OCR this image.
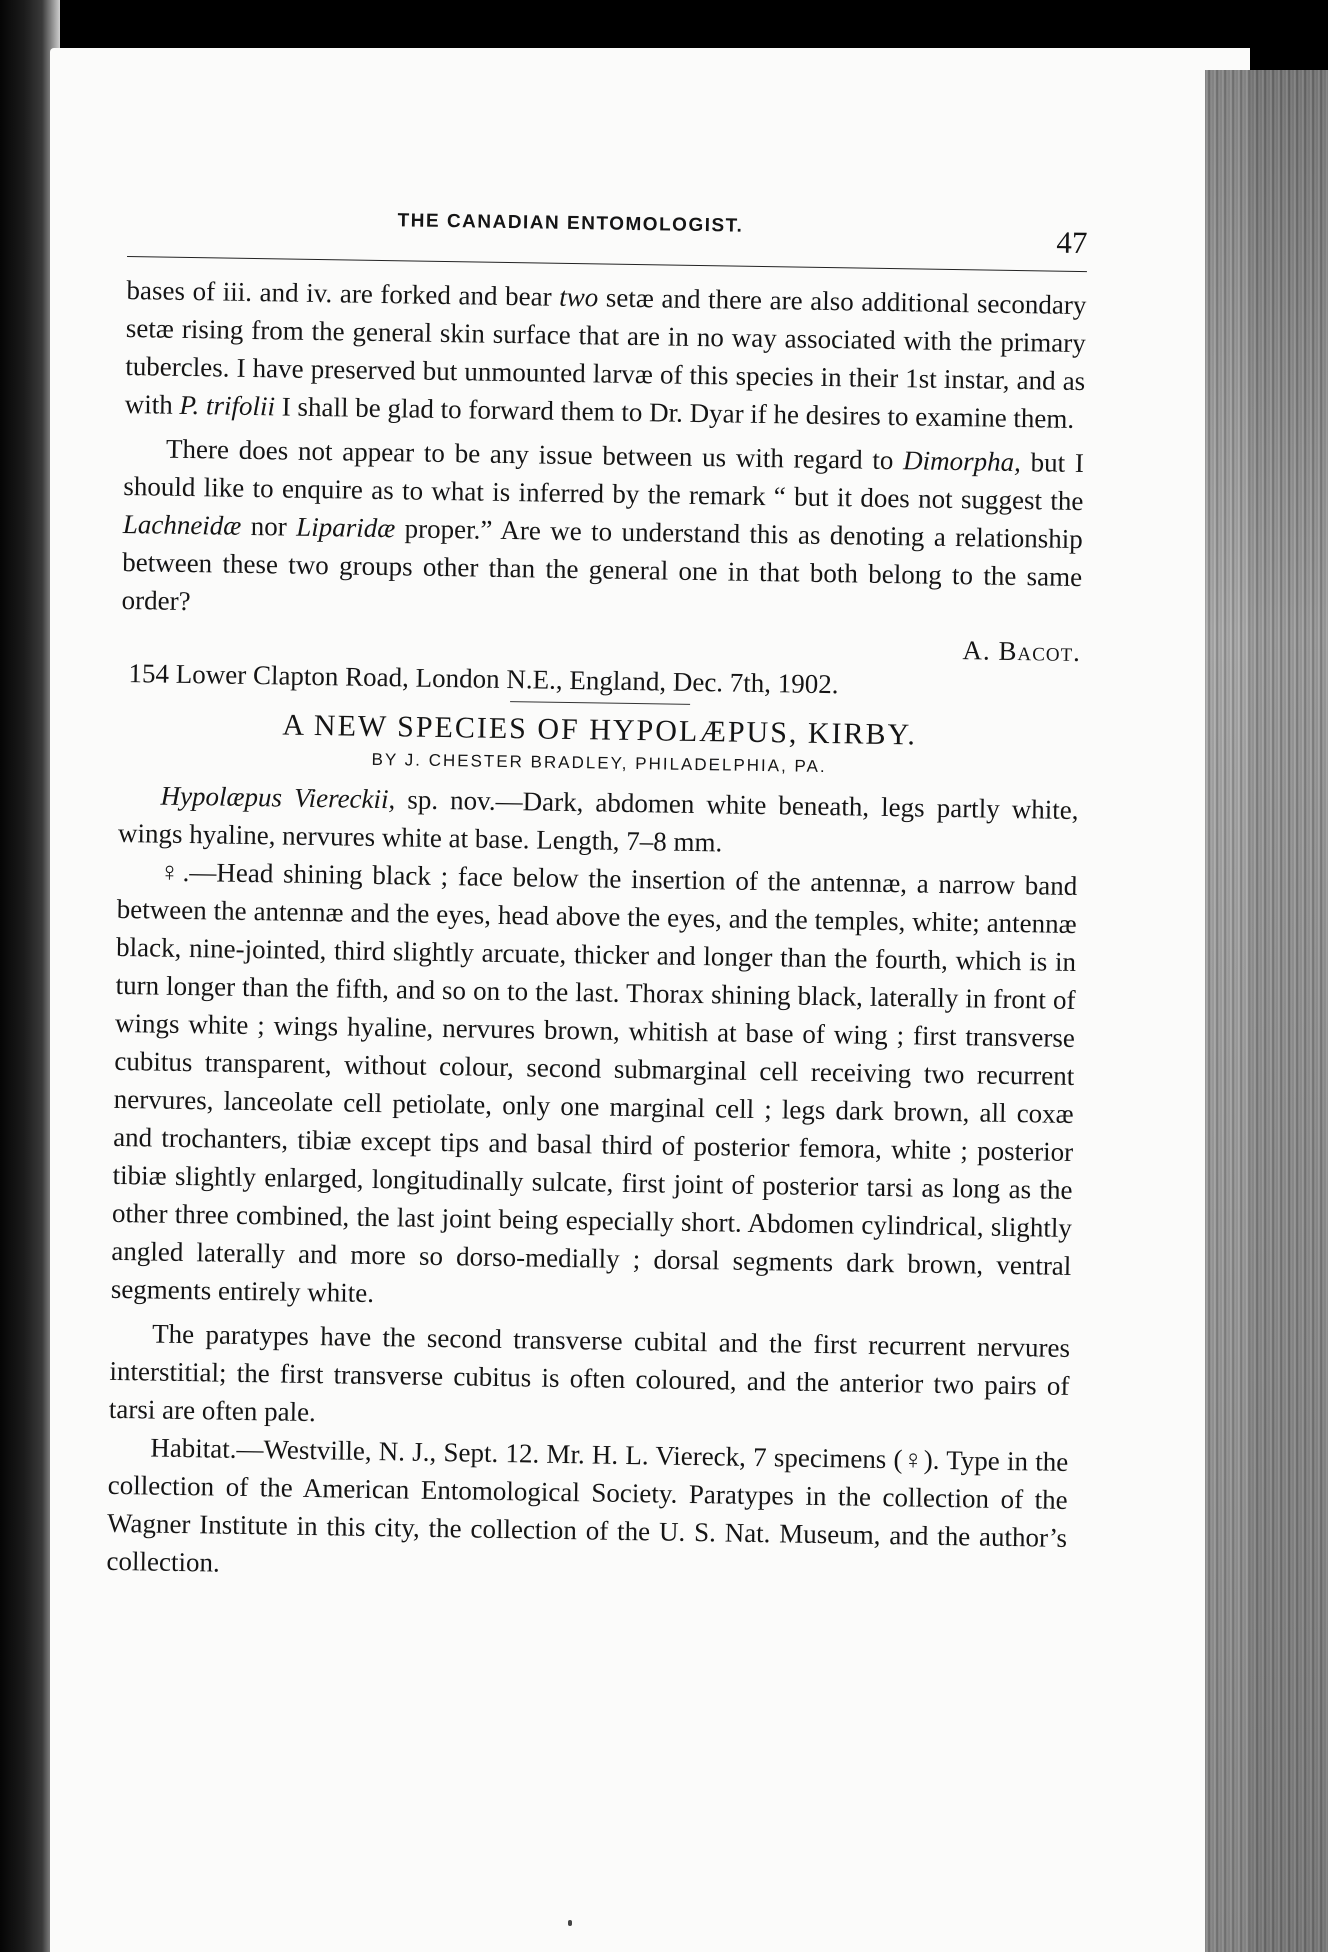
THE CANADIAN ENTOMOLOGIST.
47

bases of iii. and iv. are forked and bear two setæ and there are also additional secondary setæ rising from the general skin surface that are in no way associated with the primary tubercles. I have preserved but unmounted larvæ of this species in their 1st instar, and as with P. trifolii I shall be glad to forward them to Dr. Dyar if he desires to examine them.

There does not appear to be any issue between us with regard to Dimorpha, but I should like to enquire as to what is inferred by the remark “ but it does not suggest the Lachneidæ nor Liparidæ proper.” Are we to understand this as denoting a relationship between these two groups other than the general one in that both belong to the same order?

A. Bacot.
154 Lower Clapton Road, London N.E., England, Dec. 7th, 1902.
A NEW SPECIES OF HYPOLÆPUS, KIRBY.
BY J. CHESTER BRADLEY, PHILADELPHIA, PA.

Hypolæpus Viereckii, sp. nov.—Dark, abdomen white beneath, legs partly white, wings hyaline, nervures white at base. Length, 7–8 mm.

♀.—Head shining black ; face below the insertion of the antennæ, a narrow band between the antennæ and the eyes, head above the eyes, and the temples, white; antennæ black, nine-jointed, third slightly arcuate, thicker and longer than the fourth, which is in turn longer than the fifth, and so on to the last. Thorax shining black, laterally in front of wings white ; wings hyaline, nervures brown, whitish at base of wing ; first transverse cubitus transparent, without colour, second submarginal cell receiving two recurrent nervures, lanceolate cell petiolate, only one marginal cell ; legs dark brown, all coxæ and trochanters, tibiæ except tips and basal third of posterior femora, white ; posterior tibiæ slightly enlarged, longitudinally sulcate, first joint of posterior tarsi as long as the other three combined, the last joint being especially short. Abdomen cylindrical, slightly angled laterally and more so dorso-medially ; dorsal segments dark brown, ventral segments entirely white.

The paratypes have the second transverse cubital and the first recurrent nervures interstitial; the first transverse cubitus is often coloured, and the anterior two pairs of tarsi are often pale.

Habitat.—Westville, N. J., Sept. 12. Mr. H. L. Viereck, 7 specimens (♀). Type in the collection of the American Entomological Society. Paratypes in the collection of the Wagner Institute in this city, the collection of the U. S. Nat. Museum, and the author’s collection.
